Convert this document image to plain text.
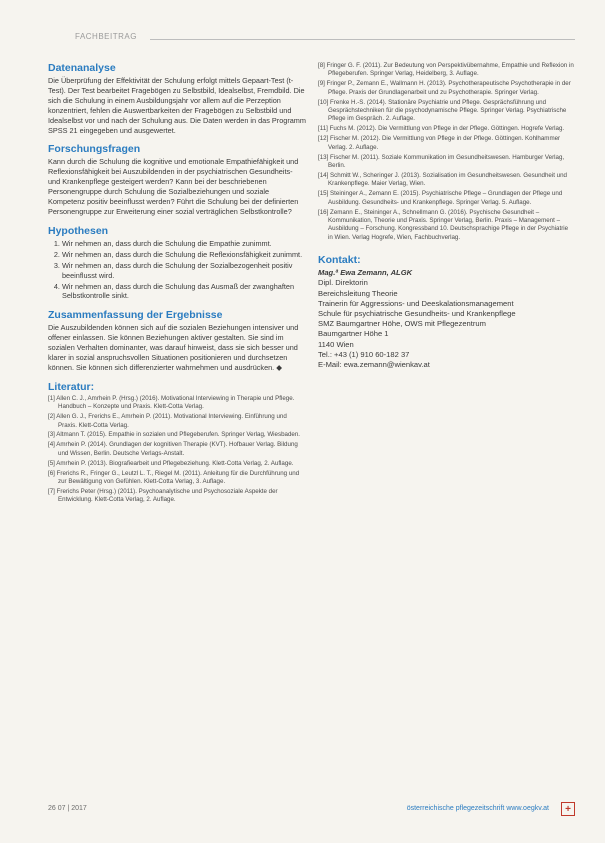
FACHBEITRAG
Datenanalyse

Die Überprüfung der Effektivität der Schulung erfolgt mittels Gepaart-Test (t-Test). Der Test bearbeitet Fragebögen zu Selbstbild, Idealselbst, Fremdbild. Die sich die Schulung in einem Ausbildungsjahr vor allem auf die Perzeption konzentriert, fehlen die Auswertbarkeiten der Fragebögen zu Selbstbild und Idealselbst vor und nach der Schulung aus. Die Daten werden in das Programm SPSS 21 eingegeben und ausgewertet.

Forschungsfragen

Kann durch die Schulung die kognitive und emotionale Empathiefähigkeit und Reflexionsfähigkeit bei Auszubildenden in der psychiatrischen Gesundheits- und Krankenpflege gesteigert werden? Kann bei der beschriebenen Personengruppe durch Schulung die Sozialbeziehungen und soziale Kompetenz positiv beeinflusst werden? Führt die Schulung bei der definierten Personengruppe zur Erweiterung einer sozial verträglichen Selbstkontrolle?

Hypothesen
1. Wir nehmen an, dass durch die Schulung die Empathie zunimmt.
2. Wir nehmen an, dass durch die Schulung die Reflexionsfähigkeit zunimmt.
3. Wir nehmen an, dass durch die Schulung der Sozialbezogenheit positiv beeinflusst wird.
4. Wir nehmen an, dass durch die Schulung das Ausmaß der zwanghaften Selbstkontrolle sinkt.
Zusammenfassung der Ergebnisse

Die Auszubildenden können sich auf die sozialen Beziehungen intensiver und offener einlassen. Sie können Beziehungen aktiver gestalten. Sie sind im sozialen Verhalten dominanter, was darauf hinweist, dass sie sich besser und klarer in sozial anspruchsvollen Situationen positionieren und durchsetzen können. Sie können sich differenzierter wahrnehmen und ausdrücken. ◆

Literatur:
[1] Allen C. J., Amrhein P. (Hrsg.) (2016). Motivational Interviewing in Therapie und Pflege. Handbuch – Konzepte und Praxis. Klett-Cotta Verlag.
[2] Allen G. J., Frerichs E., Amrhein P. (2011). Motivational Interviewing. Einführung und Praxis. Klett-Cotta Verlag.
[3] Altmann T. (2015). Empathie in sozialen und Pflegeberufen. Springer Verlag, Wiesbaden.
[4] Amrhein P. (2014). Grundlagen der kognitiven Therapie (KVT). Hofbauer Verlag. Bildung und Wissen, Berlin. Deutsche Verlags-Anstalt.
[5] Amrhein P. (2013). Biografiearbeit und Pflegebeziehung. Klett-Cotta Verlag, 2. Auflage.
[6] Frerichs R., Fringer G., Leutzl L. T., Riegel M. (2011). Anleitung für die Durchführung und zur Bewältigung von Gefühlen. Klett-Cotta Verlag, 3. Auflage.
[7] Frerichs Peter (Hrsg.) (2011). Psychoanalytische und Psychosoziale Aspekte der Entwicklung. Klett-Cotta Verlag, 2. Auflage.
[8] Fringer G. F. (2011). Zur Bedeutung von Perspektivübernahme, Empathie und Reflexion in Pflegeberufen. Springer Verlag, Heidelberg, 3. Auflage.
[9] Fringer P., Zemann E., Wallmann H. (2013). Psychotherapeutische Psychotherapie in der Pflege. Praxis der Grundlagenarbeit und zu Psychotherapie. Springer Verlag.
[10] Frenke H.-S. (2014). Stationäre Psychiatrie und Pflege. Gesprächsführung und Gesprächstechniken für die psychodynamische Pflege. Springer Verlag. Psychiatrische Pflege im Gespräch. 2. Auflage.
[11] Fuchs M. (2012). Die Vermittlung von Pflege in der Pflege. Göttingen. Hogrefe Verlag.
[12] Fischer M. (2012). Die Vermittlung von Pflege in der Pflege. Göttingen. Kohlhammer Verlag. 2. Auflage.
[13] Fischer M. (2011). Soziale Kommunikation im Gesundheitswesen. Hamburger Verlag, Berlin.
[14] Schmitt W., Scheringer J. (2013). Sozialisation im Gesundheitswesen. Gesundheit und Krankenpflege. Maier Verlag, Wien.
[15] Steininger A., Zemann E. (2015). Psychiatrische Pflege – Grundlagen der Pflege und Ausbildung. Gesundheits- und Krankenpflege. Springer Verlag. 5. Auflage.
[16] Zemann E., Steininger A., Schnellmann G. (2016). Psychische Gesundheit – Kommunikation, Theorie und Praxis. Springer Verlag, Berlin. Praxis – Management – Ausbildung – Forschung. Kongressband 10. Deutschsprachige Pflege in der Psychiatrie in Wien. Verlag Hogrefe, Wien, Fachbuchverlag.
Kontakt:

Mag.ª Ewa Zemann, ALGK

Dipl. Direktorin

Bereichsleitung Theorie

Trainerin für Aggressions- und Deeskalationsmanagement

Schule für psychiatrische Gesundheits- und Krankenpflege

SMZ Baumgartner Höhe, OWS mit Pflegezentrum

Baumgartner Höhe 1

1140 Wien

Tel.: +43 (1) 910 60-182 37

E-Mail: ewa.zemann@wienkav.at

26 07 | 2017	österreichische pflegezeitschrift www.oegkv.at	+
